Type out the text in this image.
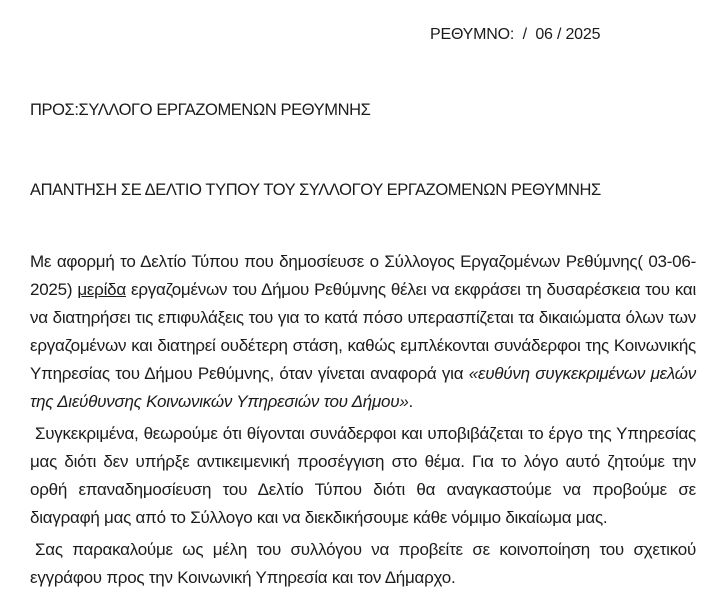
ΡΕΘΥΜΝΟ:  /  06 / 2025
ΠΡΟΣ:ΣΥΛΛΟΓΟ ΕΡΓΑΖΟΜΕΝΩΝ ΡΕΘΥΜΝΗΣ
ΑΠΑΝΤΗΣΗ ΣΕ ΔΕΛΤΙΟ ΤΥΠΟΥ ΤΟΥ ΣΥΛΛΟΓΟΥ ΕΡΓΑΖΟΜΕΝΩΝ ΡΕΘΥΜΝΗΣ

Με αφορμή το Δελτίο Τύπου που δημοσίευσε ο Σύλλογος Εργαζομένων Ρεθύμνης( 03-06-2025) μερίδα εργαζομένων του Δήμου Ρεθύμνης θέλει να εκφράσει τη δυσαρέσκεια του και να διατηρήσει τις επιφυλάξεις του για το κατά πόσο υπερασπίζεται τα δικαιώματα όλων των εργαζομένων και διατηρεί ουδέτερη στάση, καθώς εμπλέκονται συνάδερφοι της Κοινωνικής Υπηρεσίας του Δήμου Ρεθύμνης, όταν γίνεται αναφορά για «ευθύνη συγκεκριμένων μελών της Διεύθυνσης Κοινωνικών Υπηρεσιών του Δήμου».

Συγκεκριμένα, θεωρούμε ότι θίγονται συνάδερφοι και υποβιβάζεται το έργο της Υπηρεσίας μας διότι δεν υπήρξε αντικειμενική προσέγγιση στο θέμα. Για το λόγο αυτό ζητούμε την ορθή επαναδημοσίευση του Δελτίο Τύπου διότι θα αναγκαστούμε να προβούμε σε διαγραφή μας από το Σύλλογο και να διεκδικήσουμε κάθε νόμιμο δικαίωμα μας.

Σας παρακαλούμε ως μέλη του συλλόγου να προβείτε σε κοινοποίηση του σχετικού εγγράφου προς την Κοινωνική Υπηρεσία και τον Δήμαρχο.
